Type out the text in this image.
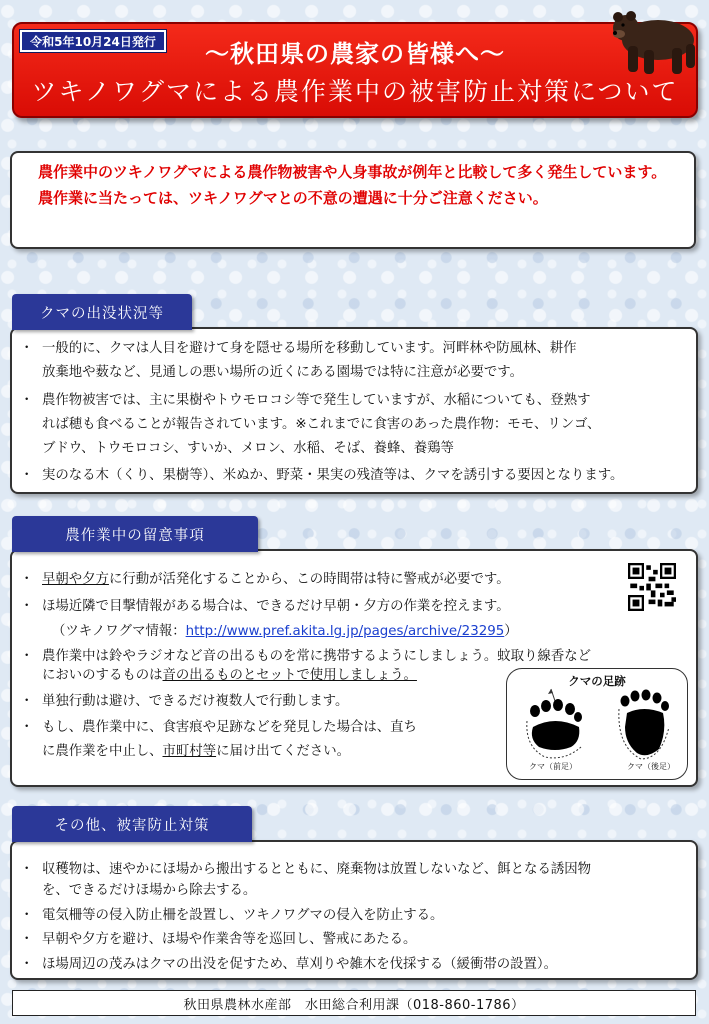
令和5年10月24日発行	〜秋田県の農家の皆様へ〜
ツキノワグマによる農作業中の被害防止対策について

農作業中のツキノワグマによる農作物被害や人身事故が例年と比較して多く発生しています。

農作業に当たっては、ツキノワグマとの不意の遭遇に十分ご注意ください。

クマの出没状況等
・ 一般的に、クマは人目を避けて身を隠せる場所を移動しています。河畔林や防風林、耕作
放棄地や薮など、見通しの悪い場所の近くにある園場では特に注意が必要です。
・ 農作物被害では、主に果樹やトウモロコシ等で発生していますが、水稲についても、登熟す
れば穂も食べることが報告されています。※これまでに食害のあった農作物：モモ、リンゴ、
ブドウ、トウモロコシ、すいか、メロン、水稲、そば、養蜂、養鶏等
・ 実のなる木（くり、果樹等）、米ぬか、野菜・果実の残渣等は、クマを誘引する要因となります。
農作業中の留意事項
・ 早朝や夕方に行動が活発化することから、この時間帯は特に警戒が必要です。
・ ほ場近隣で目撃情報がある場合は、できるだけ早朝・夕方の作業を控えます。
（ツキノワグマ情報：http://www.pref.akita.lg.jp/pages/archive/23295）
・ 農作業中は鈴やラジオなど音の出るものを常に携帯するようにしましょう。蚊取り線香など
においのするものは音の出るものとセットで使用しましょう。
・ 単独行動は避け、できるだけ複数人で行動します。
・ もし、農作業中に、食害痕や足跡などを発見した場合は、直ち
に農作業を中止し、市町村等に届け出てください。
クマの足跡
クマ（前足）	クマ（後足）
その他、被害防止対策
・ 収穫物は、速やかにほ場から搬出するとともに、廃棄物は放置しないなど、餌となる誘因物
を、できるだけほ場から除去する。
・ 電気柵等の侵入防止柵を設置し、ツキノワグマの侵入を防止する。
・ 早朝や夕方を避け、ほ場や作業舎等を巡回し、警戒にあたる。
・ ほ場周辺の茂みはクマの出没を促すため、草刈りや雑木を伐採する（緩衝帯の設置）。
秋田県農林水産部　水田総合利用課（018-860-1786）
